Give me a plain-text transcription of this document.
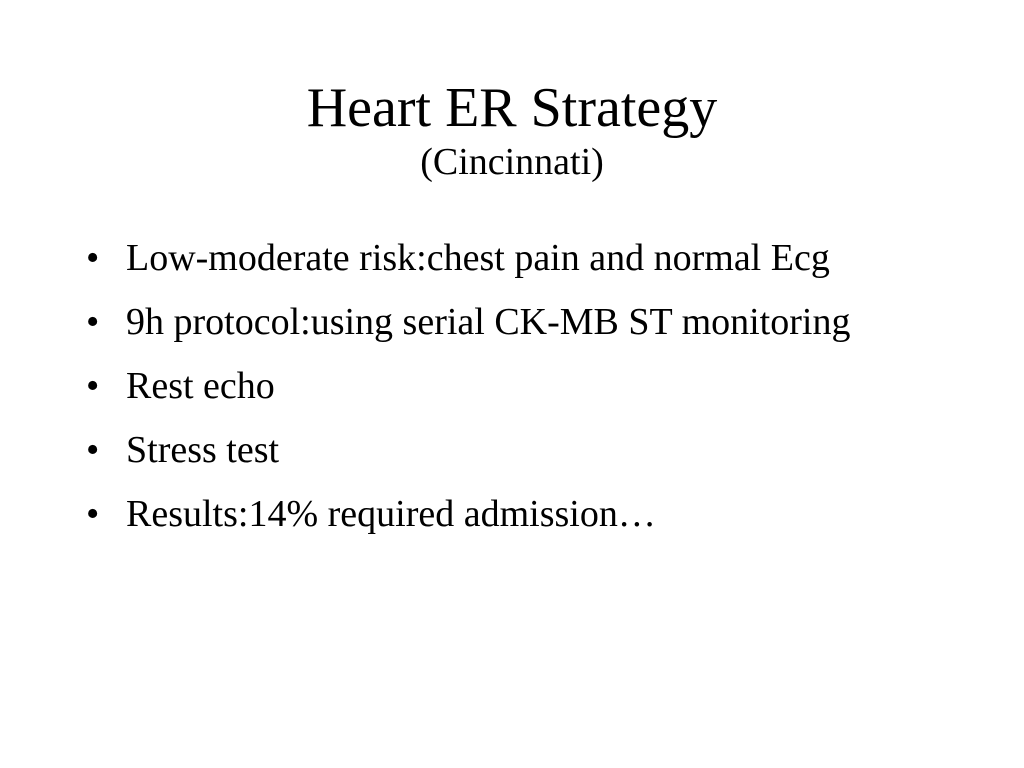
Heart ER Strategy
(Cincinnati)
• Low-moderate risk:chest pain and normal Ecg
• 9h protocol:using serial CK-MB ST monitoring
• Rest echo
• Stress test
• Results:14% required admission…
